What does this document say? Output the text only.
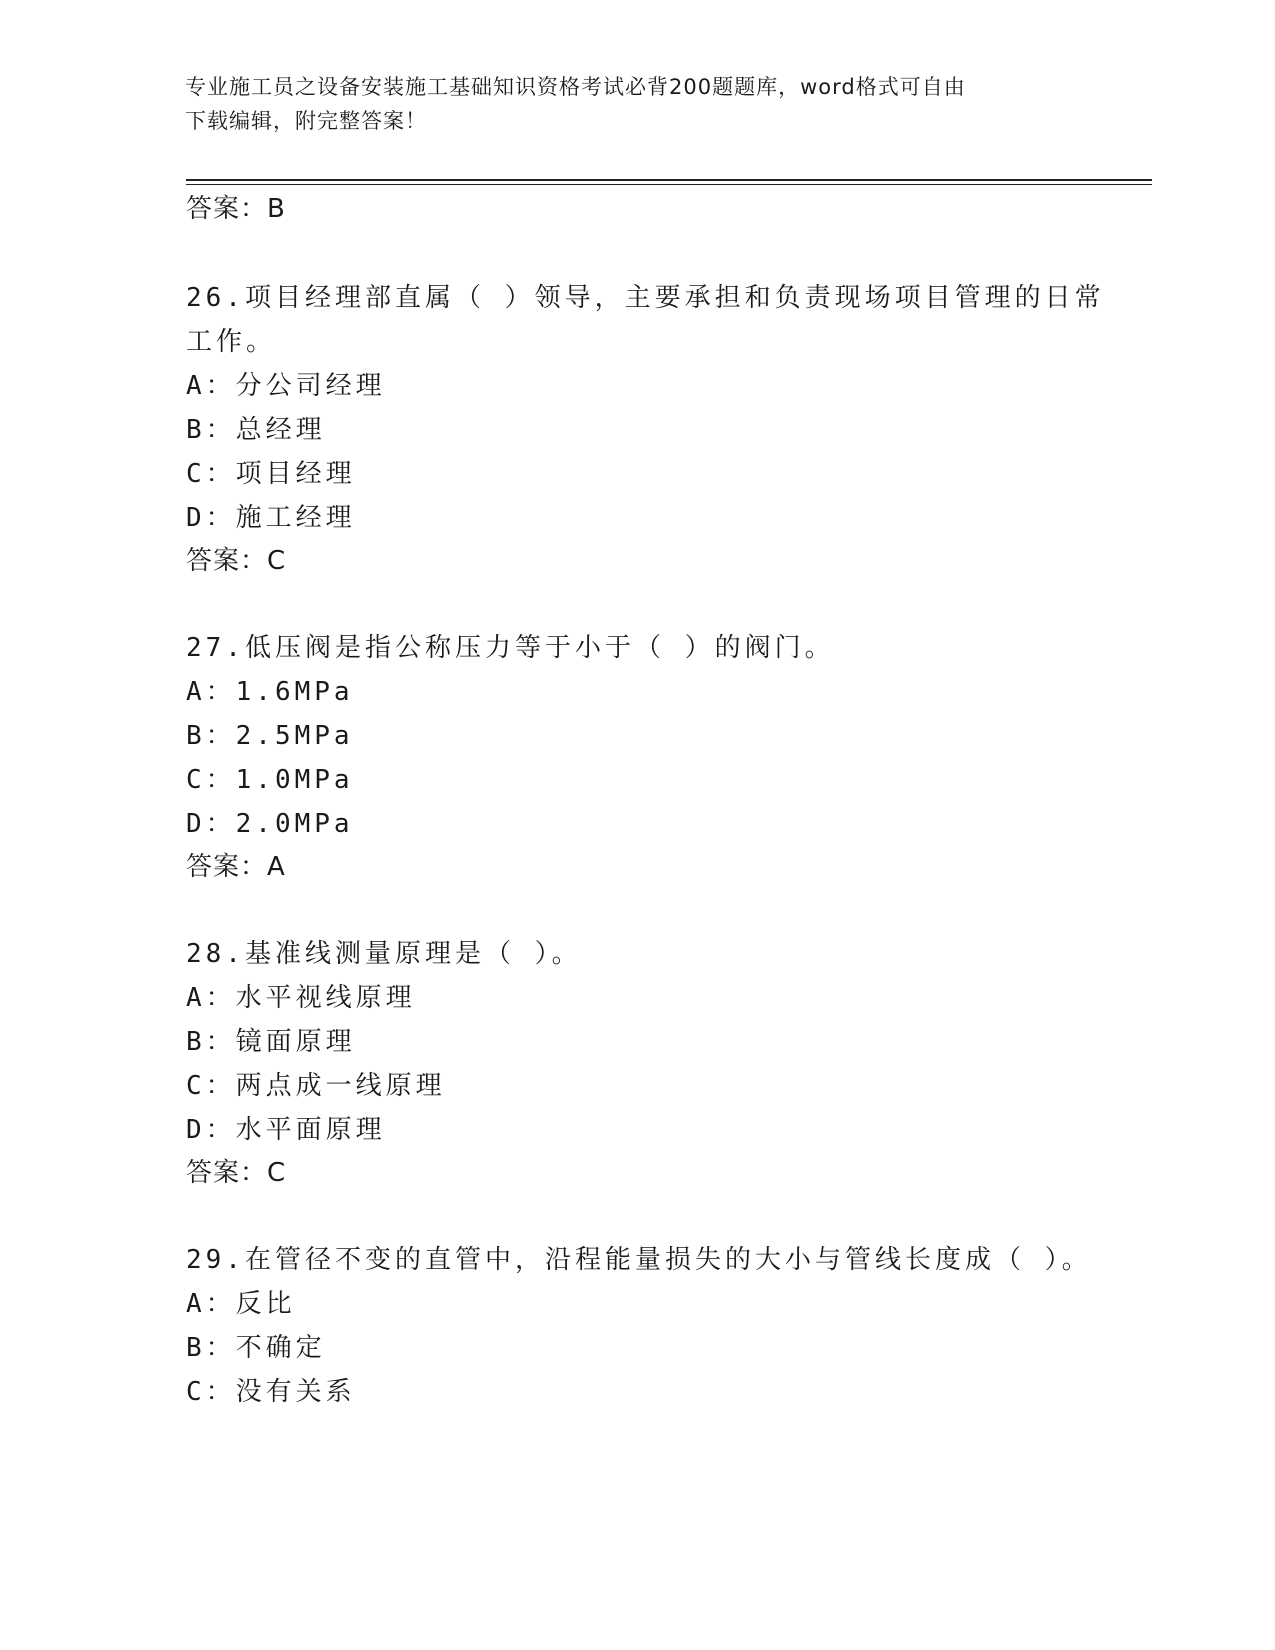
专业施工员之设备安装施工基础知识资格考试必背200题题库，word格式可自由
下载编辑，附完整答案！
答案：B
26.项目经理部直属（ ）领导，主要承担和负责现场项目管理的日常
工作。
A：分公司经理
B：总经理
C：项目经理
D：施工经理
答案：C
27.低压阀是指公称压力等于小于（ ）的阀门。
A：1.6MPa
B：2.5MPa
C：1.0MPa
D：2.0MPa
答案：A
28.基准线测量原理是（ ）。
A：水平视线原理
B：镜面原理
C：两点成一线原理
D：水平面原理
答案：C
29.在管径不变的直管中，沿程能量损失的大小与管线长度成（ ）。
A：反比
B：不确定
C：没有关系
